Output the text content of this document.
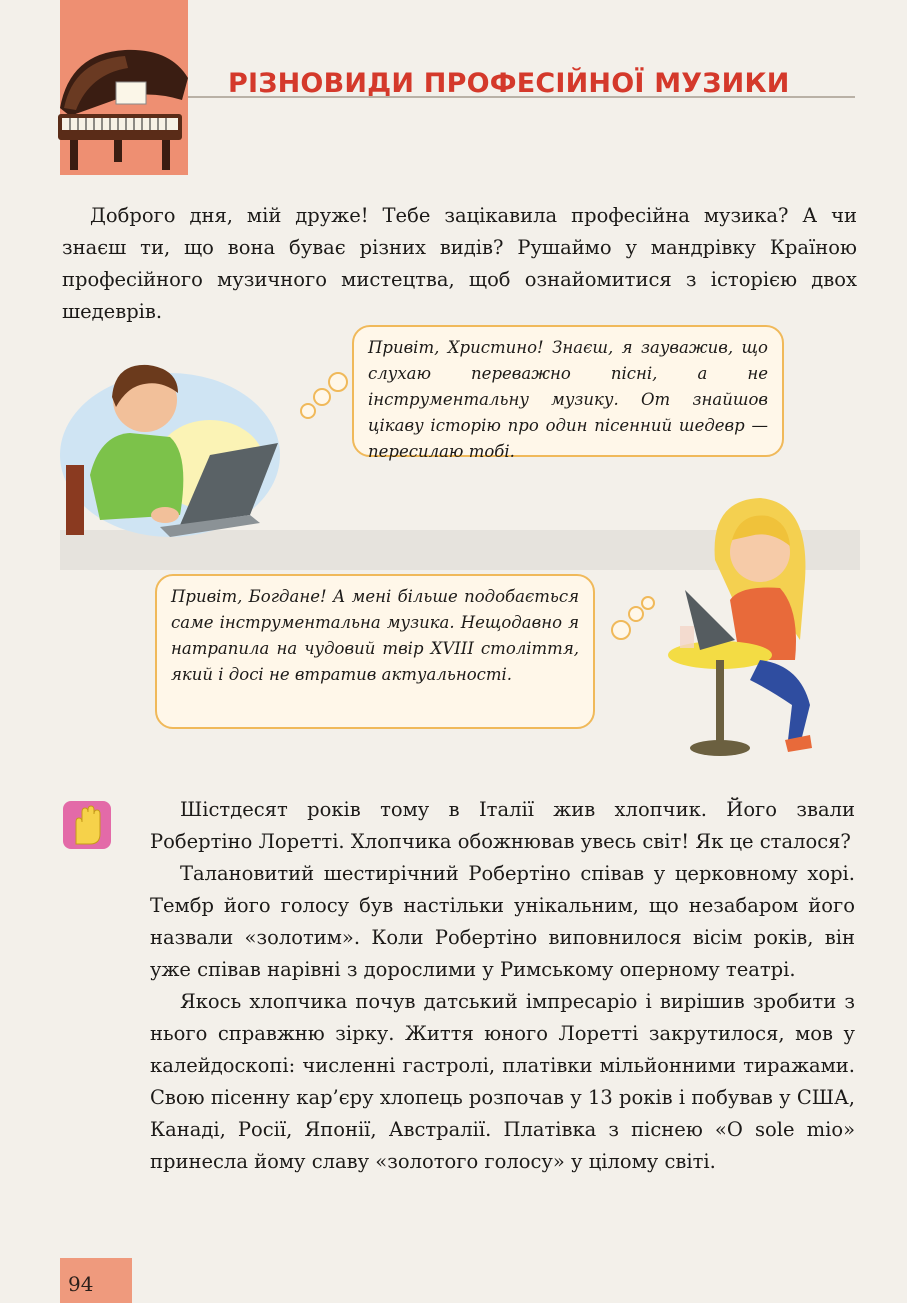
РІЗНОВИДИ ПРОФЕСІЙНОЇ МУЗИКИ

Доброго дня, мій друже! Тебе зацікавила професійна музика? А чи знаєш ти, що вона буває різних видів? Рушаймо у мандрівку Країною професійного музичного мистецтва, щоб ознайомитися з історією двох шедеврів.

Привіт, Христино! Знаєш, я зауважив, що слухаю переважно пісні, а не інструментальну музику. От знайшов цікаву історію про один пісенний шедевр — пересилаю тобі.
Привіт, Богдане! А мені більше подобається саме інструментальна музика. Нещодавно я натрапила на чудовий твір XVIII століття, який і досі не втратив актуальності.

Шістдесят років тому в Італії жив хлопчик. Його звали Робертіно Лоретті. Хлопчика обожнював увесь світ! Як це сталося?

Талановитий шестирічний Робертіно співав у церковному хорі. Тембр його голосу був настільки унікальним, що незабаром його назвали «золотим». Коли Робертіно виповнилося вісім років, він уже співав нарівні з дорослими у Римському оперному театрі.

Якось хлопчика почув датський імпресаріо і вирішив зробити з нього справжню зірку. Життя юного Лоретті закрутилося, мов у калейдоскопі: численні гастролі, платівки мільйонними тиражами. Свою пісенну кар’єру хлопець розпочав у 13 років і побував у США, Канаді, Росії, Японії, Австралії. Платівка з піснею «O sole mio» принесла йому славу «золотого голосу» у цілому світі.

94
